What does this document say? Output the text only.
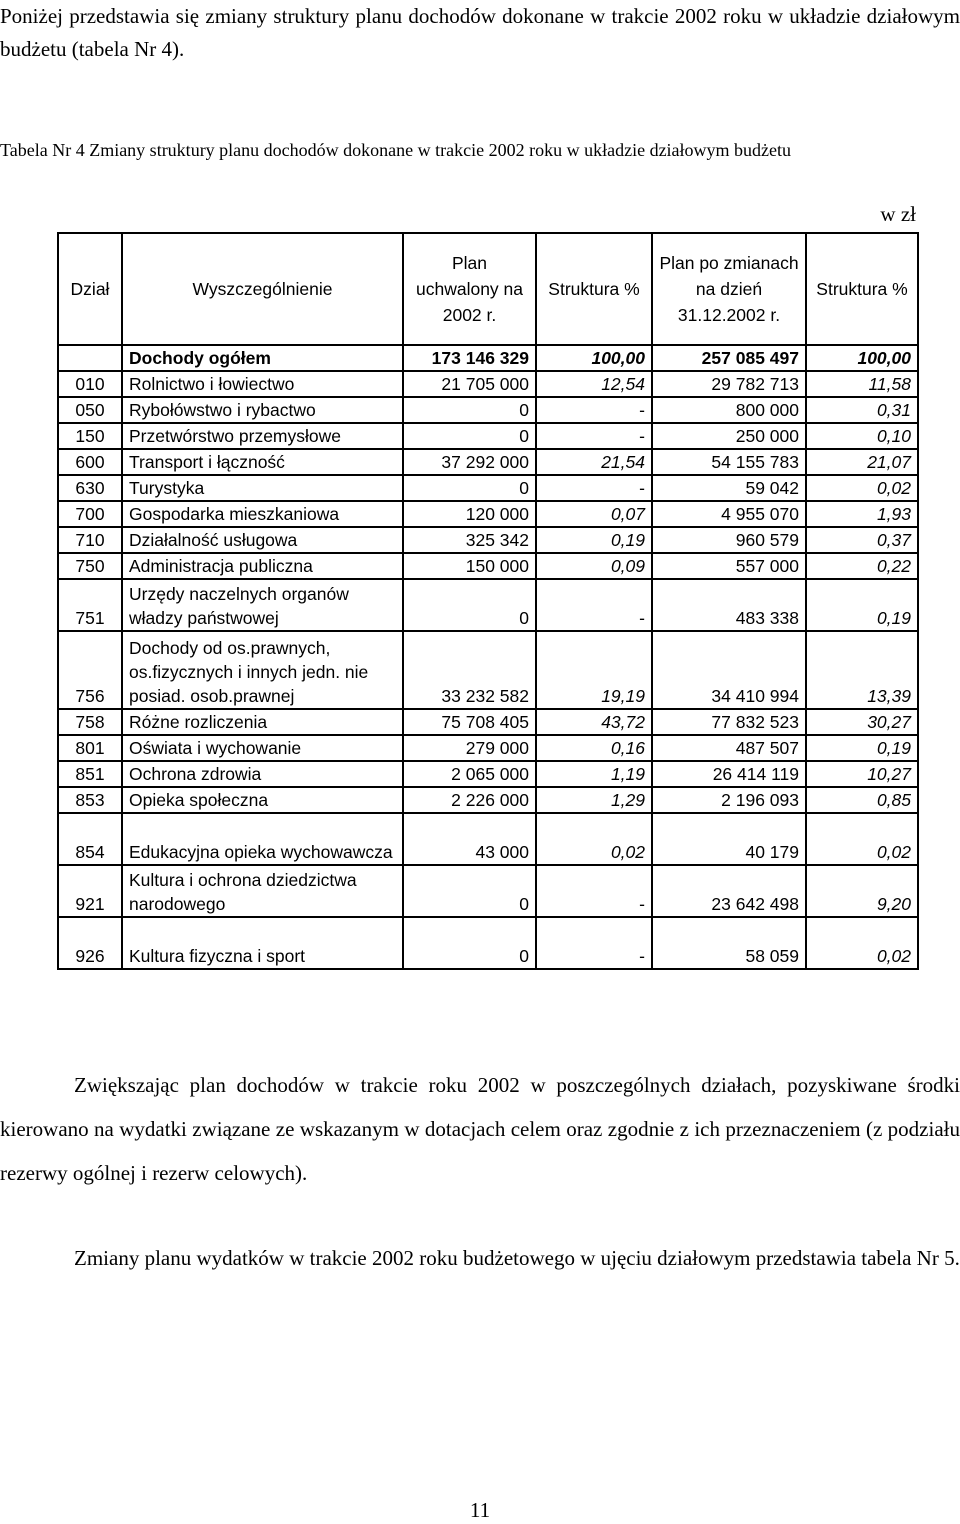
Poniżej przedstawia się zmiany struktury planu dochodów dokonane w trakcie 2002 roku w układzie działowym budżetu (tabela Nr 4).

Tabela Nr 4 Zmiany struktury planu dochodów dokonane w trakcie 2002 roku w układzie działowym budżetu
w zł
Dział	Wyszczególnienie	Plan uchwalony na 2002 r.	Struktura %	Plan po zmianach na dzień 31.12.2002 r.	Struktura %
	Dochody ogółem	173 146 329	100,00	257 085 497	100,00
010	Rolnictwo i łowiectwo	21 705 000	12,54	29 782 713	11,58
050	Rybołówstwo i rybactwo	0	-	800 000	0,31
150	Przetwórstwo przemysłowe	0	-	250 000	0,10
600	Transport i łączność	37 292 000	21,54	54 155 783	21,07
630	Turystyka	0	-	59 042	0,02
700	Gospodarka mieszkaniowa	120 000	0,07	4 955 070	1,93
710	Działalność usługowa	325 342	0,19	960 579	0,37
750	Administracja publiczna	150 000	0,09	557 000	0,22
751	Urzędy naczelnych organów władzy państwowej	0	-	483 338	0,19
756	Dochody od os.prawnych, os.fizycznych i innych jedn. nie posiad. osob.prawnej	33 232 582	19,19	34 410 994	13,39
758	Różne rozliczenia	75 708 405	43,72	77 832 523	30,27
801	Oświata i wychowanie	279 000	0,16	487 507	0,19
851	Ochrona zdrowia	2 065 000	1,19	26 414 119	10,27
853	Opieka społeczna	2 226 000	1,29	2 196 093	0,85
854	Edukacyjna opieka wychowawcza	43 000	0,02	40 179	0,02
921	Kultura i ochrona dziedzictwa narodowego	0	-	23 642 498	9,20
926	Kultura fizyczna i sport	0	-	58 059	0,02

Zwiększając plan dochodów w trakcie roku 2002 w poszczególnych działach, pozyskiwane środki kierowano na wydatki związane ze wskazanym w dotacjach celem oraz zgodnie z ich przeznaczeniem (z podziału rezerwy ogólnej i rezerw celowych).

Zmiany planu wydatków w trakcie 2002 roku budżetowego w ujęciu działowym przedstawia tabela Nr 5.

11
